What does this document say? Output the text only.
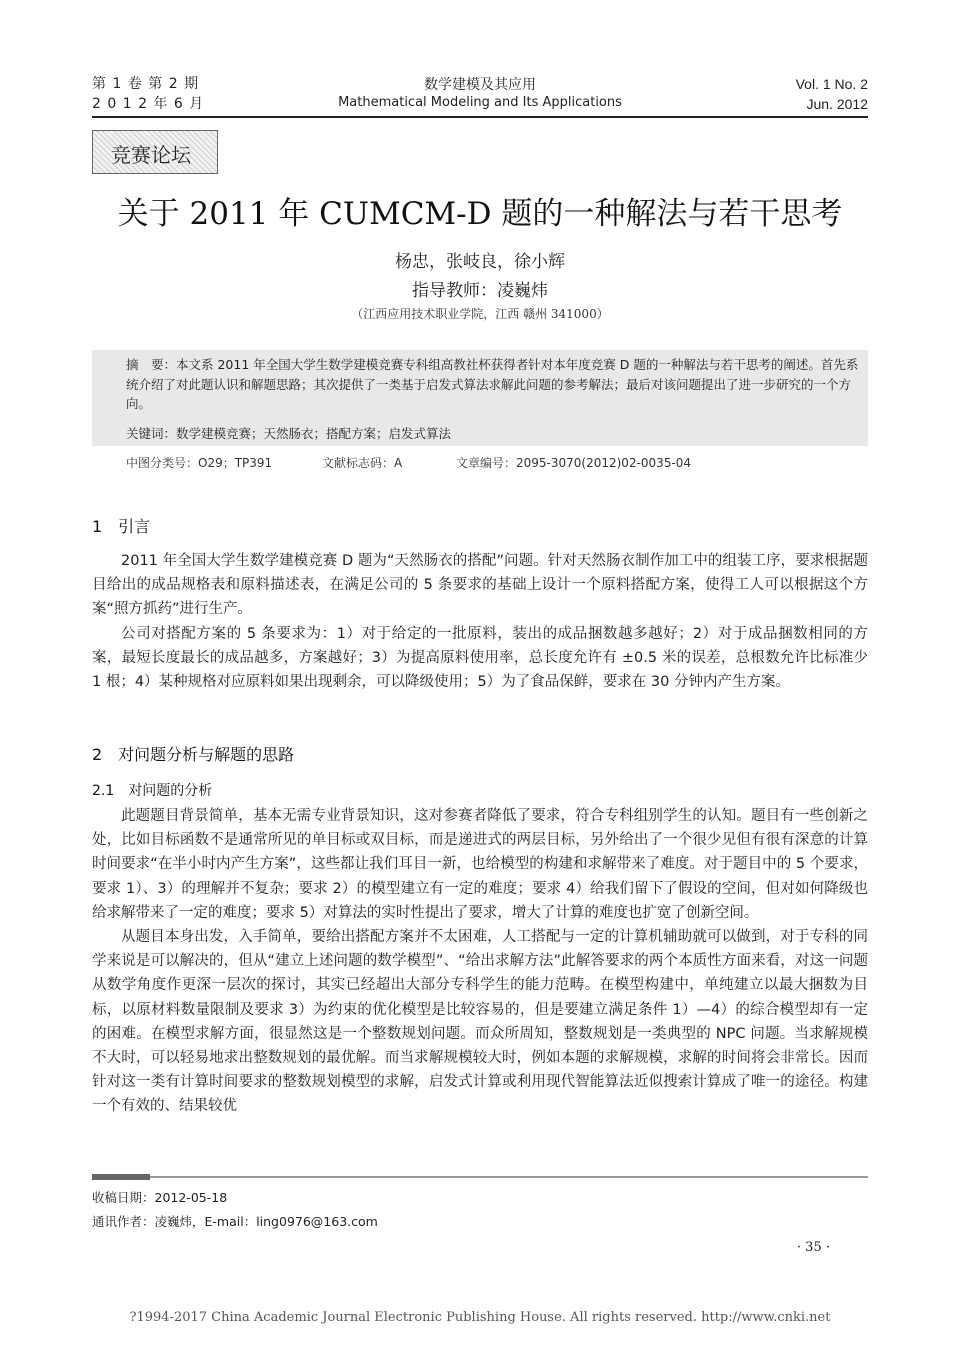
第 1 卷 第 2 期
2 0 1 2 年 6 月
数学建模及其应用
Mathematical Modeling and Its Applications
Vol. 1 No. 2
Jun. 2012
竞赛论坛
关于 2011 年 CUMCM-D 题的一种解法与若干思考
杨忠，张岐良，徐小辉
指导教师：凌巍炜
（江西应用技术职业学院，江西 赣州 341000）
摘　要：本文系 2011 年全国大学生数学建模竞赛专科组高教社杯获得者针对本年度竞赛 D 题的一种解法与若干思考的阐述。首先系统介绍了对此题认识和解题思路；其次提供了一类基于启发式算法求解此问题的参考解法；最后对该问题提出了进一步研究的一个方向。
关键词：数学建模竞赛；天然肠衣；搭配方案；启发式算法
中图分类号：O29；TP391	文献标志码：A	文章编号：2095-3070(2012)02-0035-04
1　引言

2011 年全国大学生数学建模竞赛 D 题为“天然肠衣的搭配”问题。针对天然肠衣制作加工中的组装工序，要求根据题目给出的成品规格表和原料描述表，在满足公司的 5 条要求的基础上设计一个原料搭配方案，使得工人可以根据这个方案“照方抓药”进行生产。

公司对搭配方案的 5 条要求为：1）对于给定的一批原料，装出的成品捆数越多越好；2）对于成品捆数相同的方案，最短长度最长的成品越多，方案越好；3）为提高原料使用率，总长度允许有 ±0.5 米的误差，总根数允许比标准少 1 根；4）某种规格对应原料如果出现剩余，可以降级使用；5）为了食品保鲜，要求在 30 分钟内产生方案。

2　对问题分析与解题的思路
2.1　对问题的分析

此题题目背景简单，基本无需专业背景知识，这对参赛者降低了要求，符合专科组别学生的认知。题目有一些创新之处，比如目标函数不是通常所见的单目标或双目标，而是递进式的两层目标，另外给出了一个很少见但有很有深意的计算时间要求“在半小时内产生方案”，这些都让我们耳目一新，也给模型的构建和求解带来了难度。对于题目中的 5 个要求，要求 1）、3）的理解并不复杂；要求 2）的模型建立有一定的难度；要求 4）给我们留下了假设的空间，但对如何降级也给求解带来了一定的难度；要求 5）对算法的实时性提出了要求，增大了计算的难度也扩宽了创新空间。

从题目本身出发，入手简单，要给出搭配方案并不太困难，人工搭配与一定的计算机辅助就可以做到，对于专科的同学来说是可以解决的，但从“建立上述问题的数学模型”、“给出求解方法”此解答要求的两个本质性方面来看，对这一问题从数学角度作更深一层次的探讨，其实已经超出大部分专科学生的能力范畴。在模型构建中，单纯建立以最大捆数为目标，以原材料数量限制及要求 3）为约束的优化模型是比较容易的，但是要建立满足条件 1）—4）的综合模型却有一定的困难。在模型求解方面，很显然这是一个整数规划问题。而众所周知，整数规划是一类典型的 NPC 问题。当求解规模不大时，可以轻易地求出整数规划的最优解。而当求解规模较大时，例如本题的求解规模，求解的时间将会非常长。因而针对这一类有计算时间要求的整数规划模型的求解，启发式计算或利用现代智能算法近似搜索计算成了唯一的途径。构建一个有效的、结果较优

收稿日期：2012-05-18
通讯作者：凌巍炜，E-mail：ling0976@163.com
· 35 ·
?1994-2017 China Academic Journal Electronic Publishing House. All rights reserved. http://www.cnki.net
